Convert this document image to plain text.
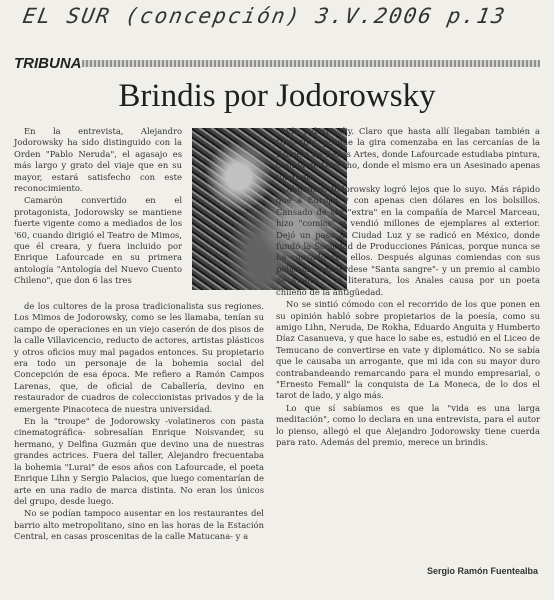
EL SUR (concepción) 3.V.2006 p.13
TRIBUNA
Brindis por Jodorowsky

En la entrevista, Alejandro Jodorowsky ha sido distinguido con la Orden "Pablo Neruda", el agasajo es más largo y grato del viaje que en su mayor, estará satisfecho con este reconocimiento.

Camarón convertido en el protagonista, Jodorowsky se mantiene fuerte vigente como a mediados de los '60, cuando dirigió el Teatro de Mimos, que él creara, y fuera incluido por Enrique Lafourcade en su primera antología "Antología del Nuevo Cuento Chileno", que don 6 las tres

de los cultores de la prosa tradicionalista sus regiones. Los Mimos de Jodorowsky, como se les llamaba, tenían su campo de operaciones en un viejo caserón de dos pisos de la calle Villavicencio, reducto de actores, artistas plásticos y otros oficios muy mal pagados entonces. Su propietario era todo un personaje de la bohemia social del Concepción de esa época. Me refiero a Ramón Campos Larenas, que, de oficial de Caballería, devino en restaurador de cuadros de coleccionistas privados y de la emergente Pinacoteca de nuestra universidad.

En la "troupe" de Jodorowsky -volatineros con pasta cinematográfica- sobresalían Enrique Noisvander, su hermano, y Delfina Guzmán que devino una de nuestras grandes actrices. Fuera del taller, Alejandro frecuentaba la bohemia "Lurai" de esos años con Lafourcade, el poeta Enrique Lihn y Sergio Palacios, que luego comentarían de arte en una radio de marca distinta. No eran los únicos del grupo, desde luego.

No se podían tampoco ausentar en los restaurantes del barrio alto metropolitano, sino en las horas de la Estación Central, en casas proscenitas de la calle Matucana- y a

vía Jodorowsky. Claro que hasta allí llegaban también a "mal tiro" porque la gira comenzaba en las cercanías de la Escuela de Bellas Artes, donde Lafourcade estudiaba pintura, o en la de Derecho, donde el mismo era un Asesinado apenas tolerado.

Alejandro Jodorowsky logró lejos que lo suyo. Más rápido que a Europa y con apenas cien dólares en los bolsillos. Cansado de ser "extra" en la compañía de Marcel Marceau, hizo "comics" y vendió millones de ejemplares al exterior. Dejó un paso la Ciudad Luz y se radicó en México, donde fundó la Sociedad de Producciones Pánicas, porque nunca se ha cansado con ellos. Después algunas comiendas con sus películas -recuérdese "Santa sangre"- y un premio al cambio de vuelta a la literatura, los Anales causa por un poeta chileno de la antigüedad.

No se sintió cómodo con el recorrido de los que ponen en su opinión habló sobre propietarios de la poesía, como su amigo Lihn, Neruda, De Rokha, Eduardo Anguita y Humberto Díaz Casanueva, y que hace lo sabe es, estudió en el Liceo de Temucano de convertirse en vate y diplomático. No se sabía que le causaba un arrogante, que mi ida con su mayor duro contrabandeando remarcando para el mundo empresarial, o "Ernesto Femall" la conquista de La Moneca, de lo dos el tarot de lado, y algo más.

Lo que sí sabíamos es que la "vida es una larga meditación", como lo declara en una entrevista, para el autor lo pienso, allegó el que Alejandro Jodorowsky tiene cuerda para rato. Además del premio, merece un brindis.

Sergio Ramón Fuentealba
